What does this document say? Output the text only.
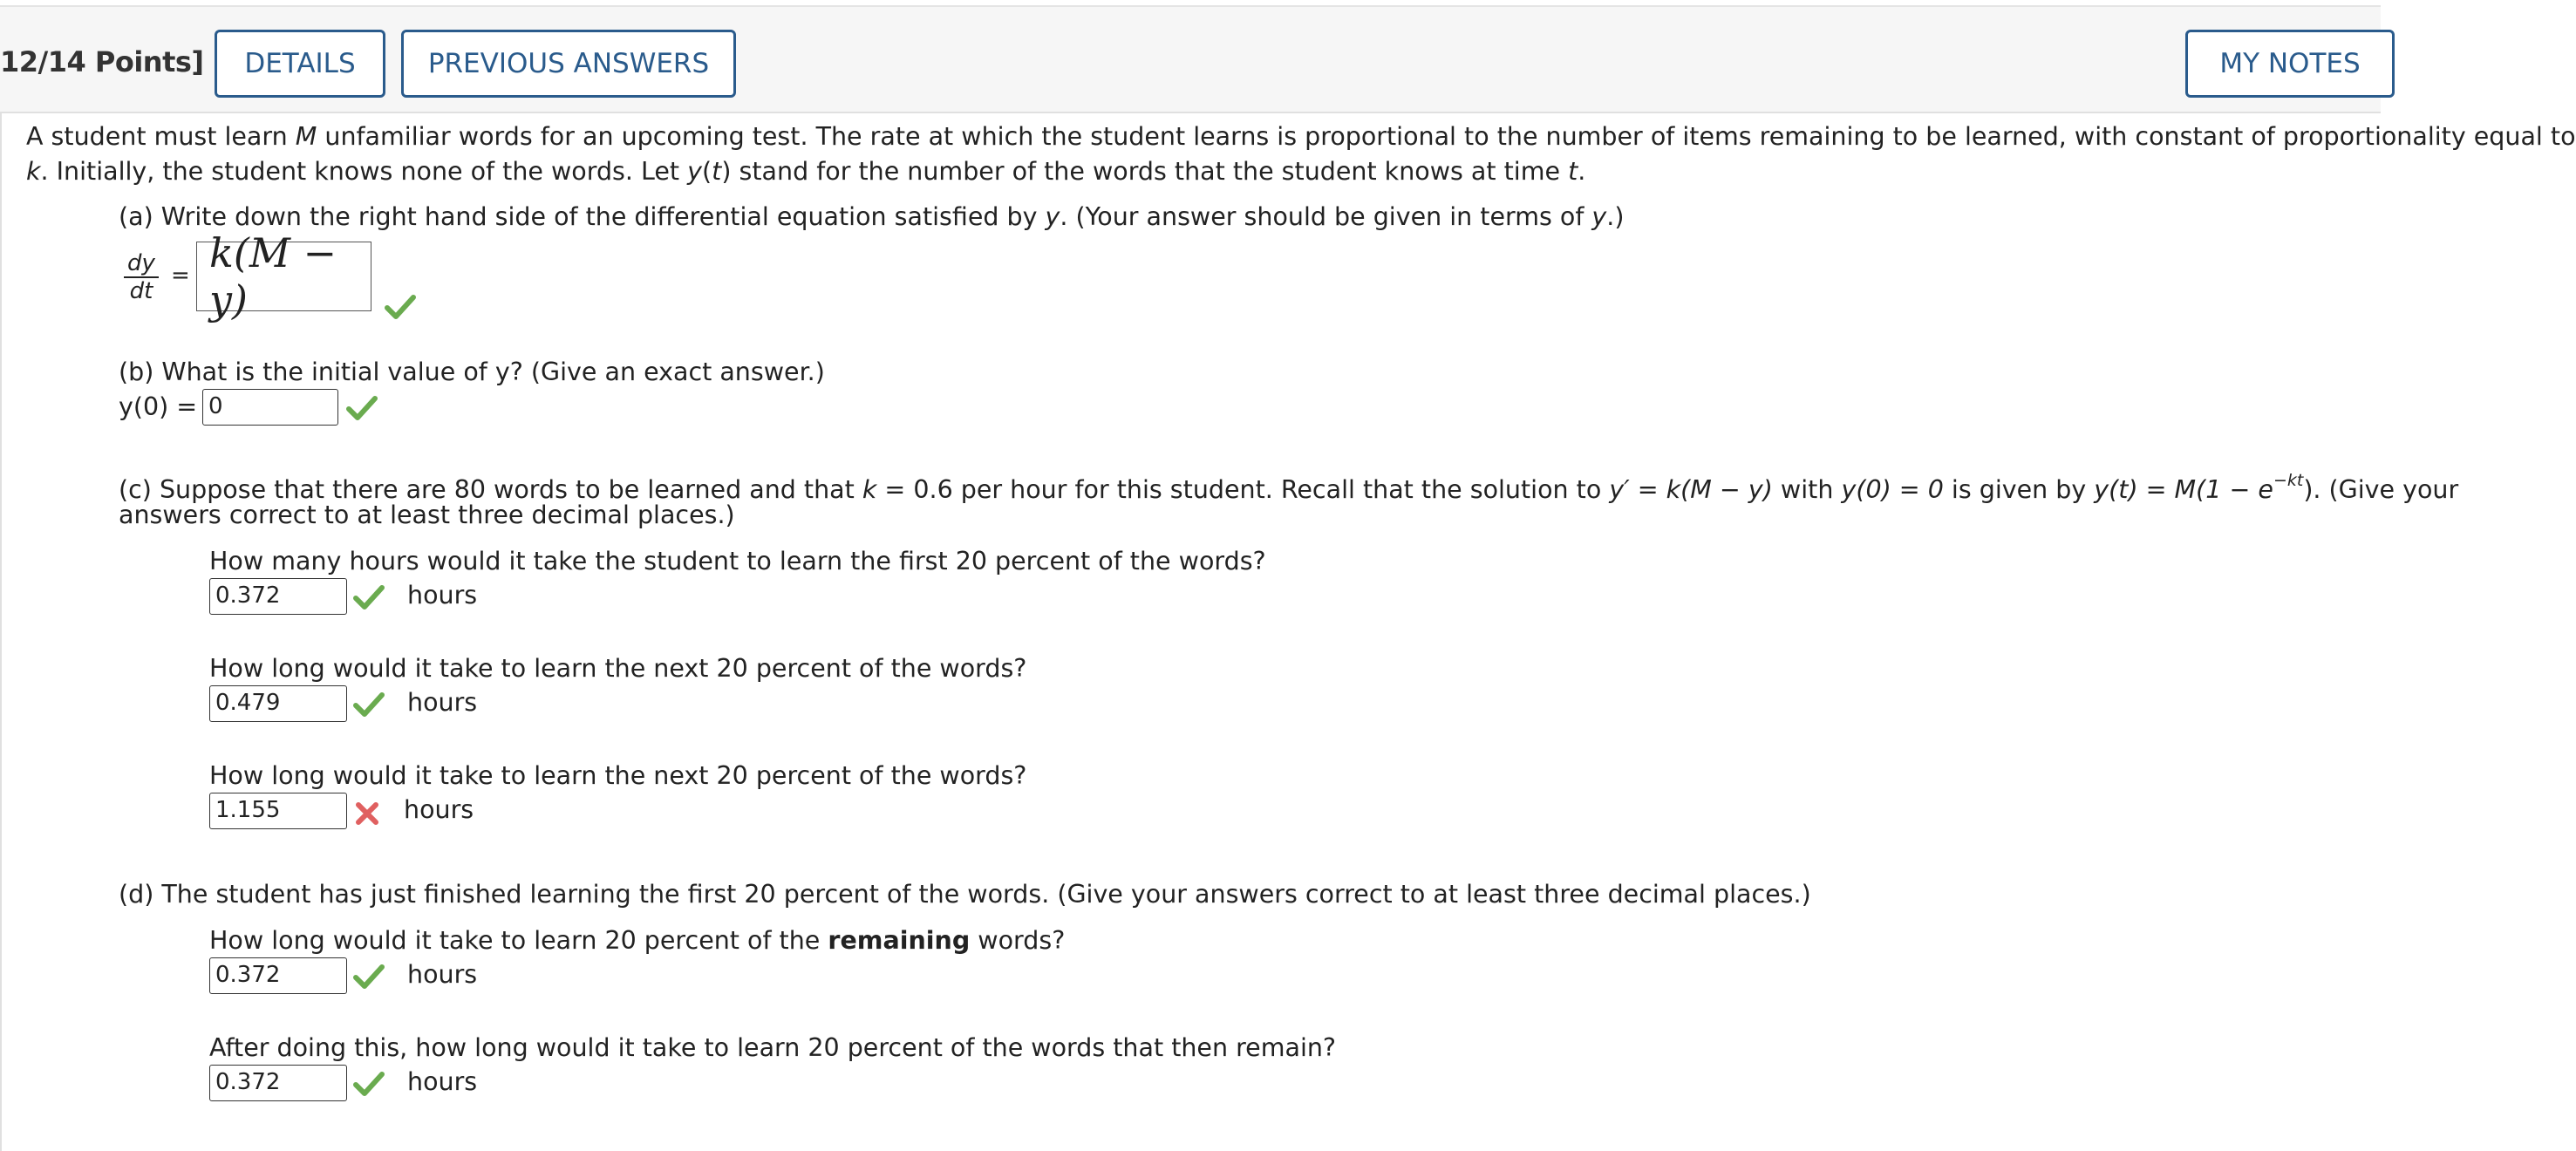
12/14 Points]	DETAILS	PREVIOUS ANSWERS	MY NOTES
A student must learn M unfamiliar words for an upcoming test. The rate at which the student learns is proportional to the number of items remaining to be learned, with constant of proportionality equal to
k. Initially, the student knows none of the words. Let y(t) stand for the number of the words that the student knows at time t.
(a) Write down the right hand side of the differential equation satisfied by y. (Your answer should be given in terms of y.)
$\frac{dy}{dt} = k(M - y)$
(b) What is the initial value of y? (Give an exact answer.)
y(0) = 0
(c) Suppose that there are 80 words to be learned and that k = 0.6 per hour for this student. Recall that the solution to y′ = k(M − y) with y(0) = 0 is given by $y(t) = M(1 - e^{-kt})$. (Give your
answers correct to at least three decimal places.)
How many hours would it take the student to learn the first 20 percent of the words?
0.372	hours
How long would it take to learn the next 20 percent of the words?
0.479	hours
How long would it take to learn the next 20 percent of the words?
1.155	hours
(d) The student has just finished learning the first 20 percent of the words. (Give your answers correct to at least three decimal places.)
How long would it take to learn 20 percent of the remaining words?
0.372	hours
After doing this, how long would it take to learn 20 percent of the words that then remain?
0.372	hours
